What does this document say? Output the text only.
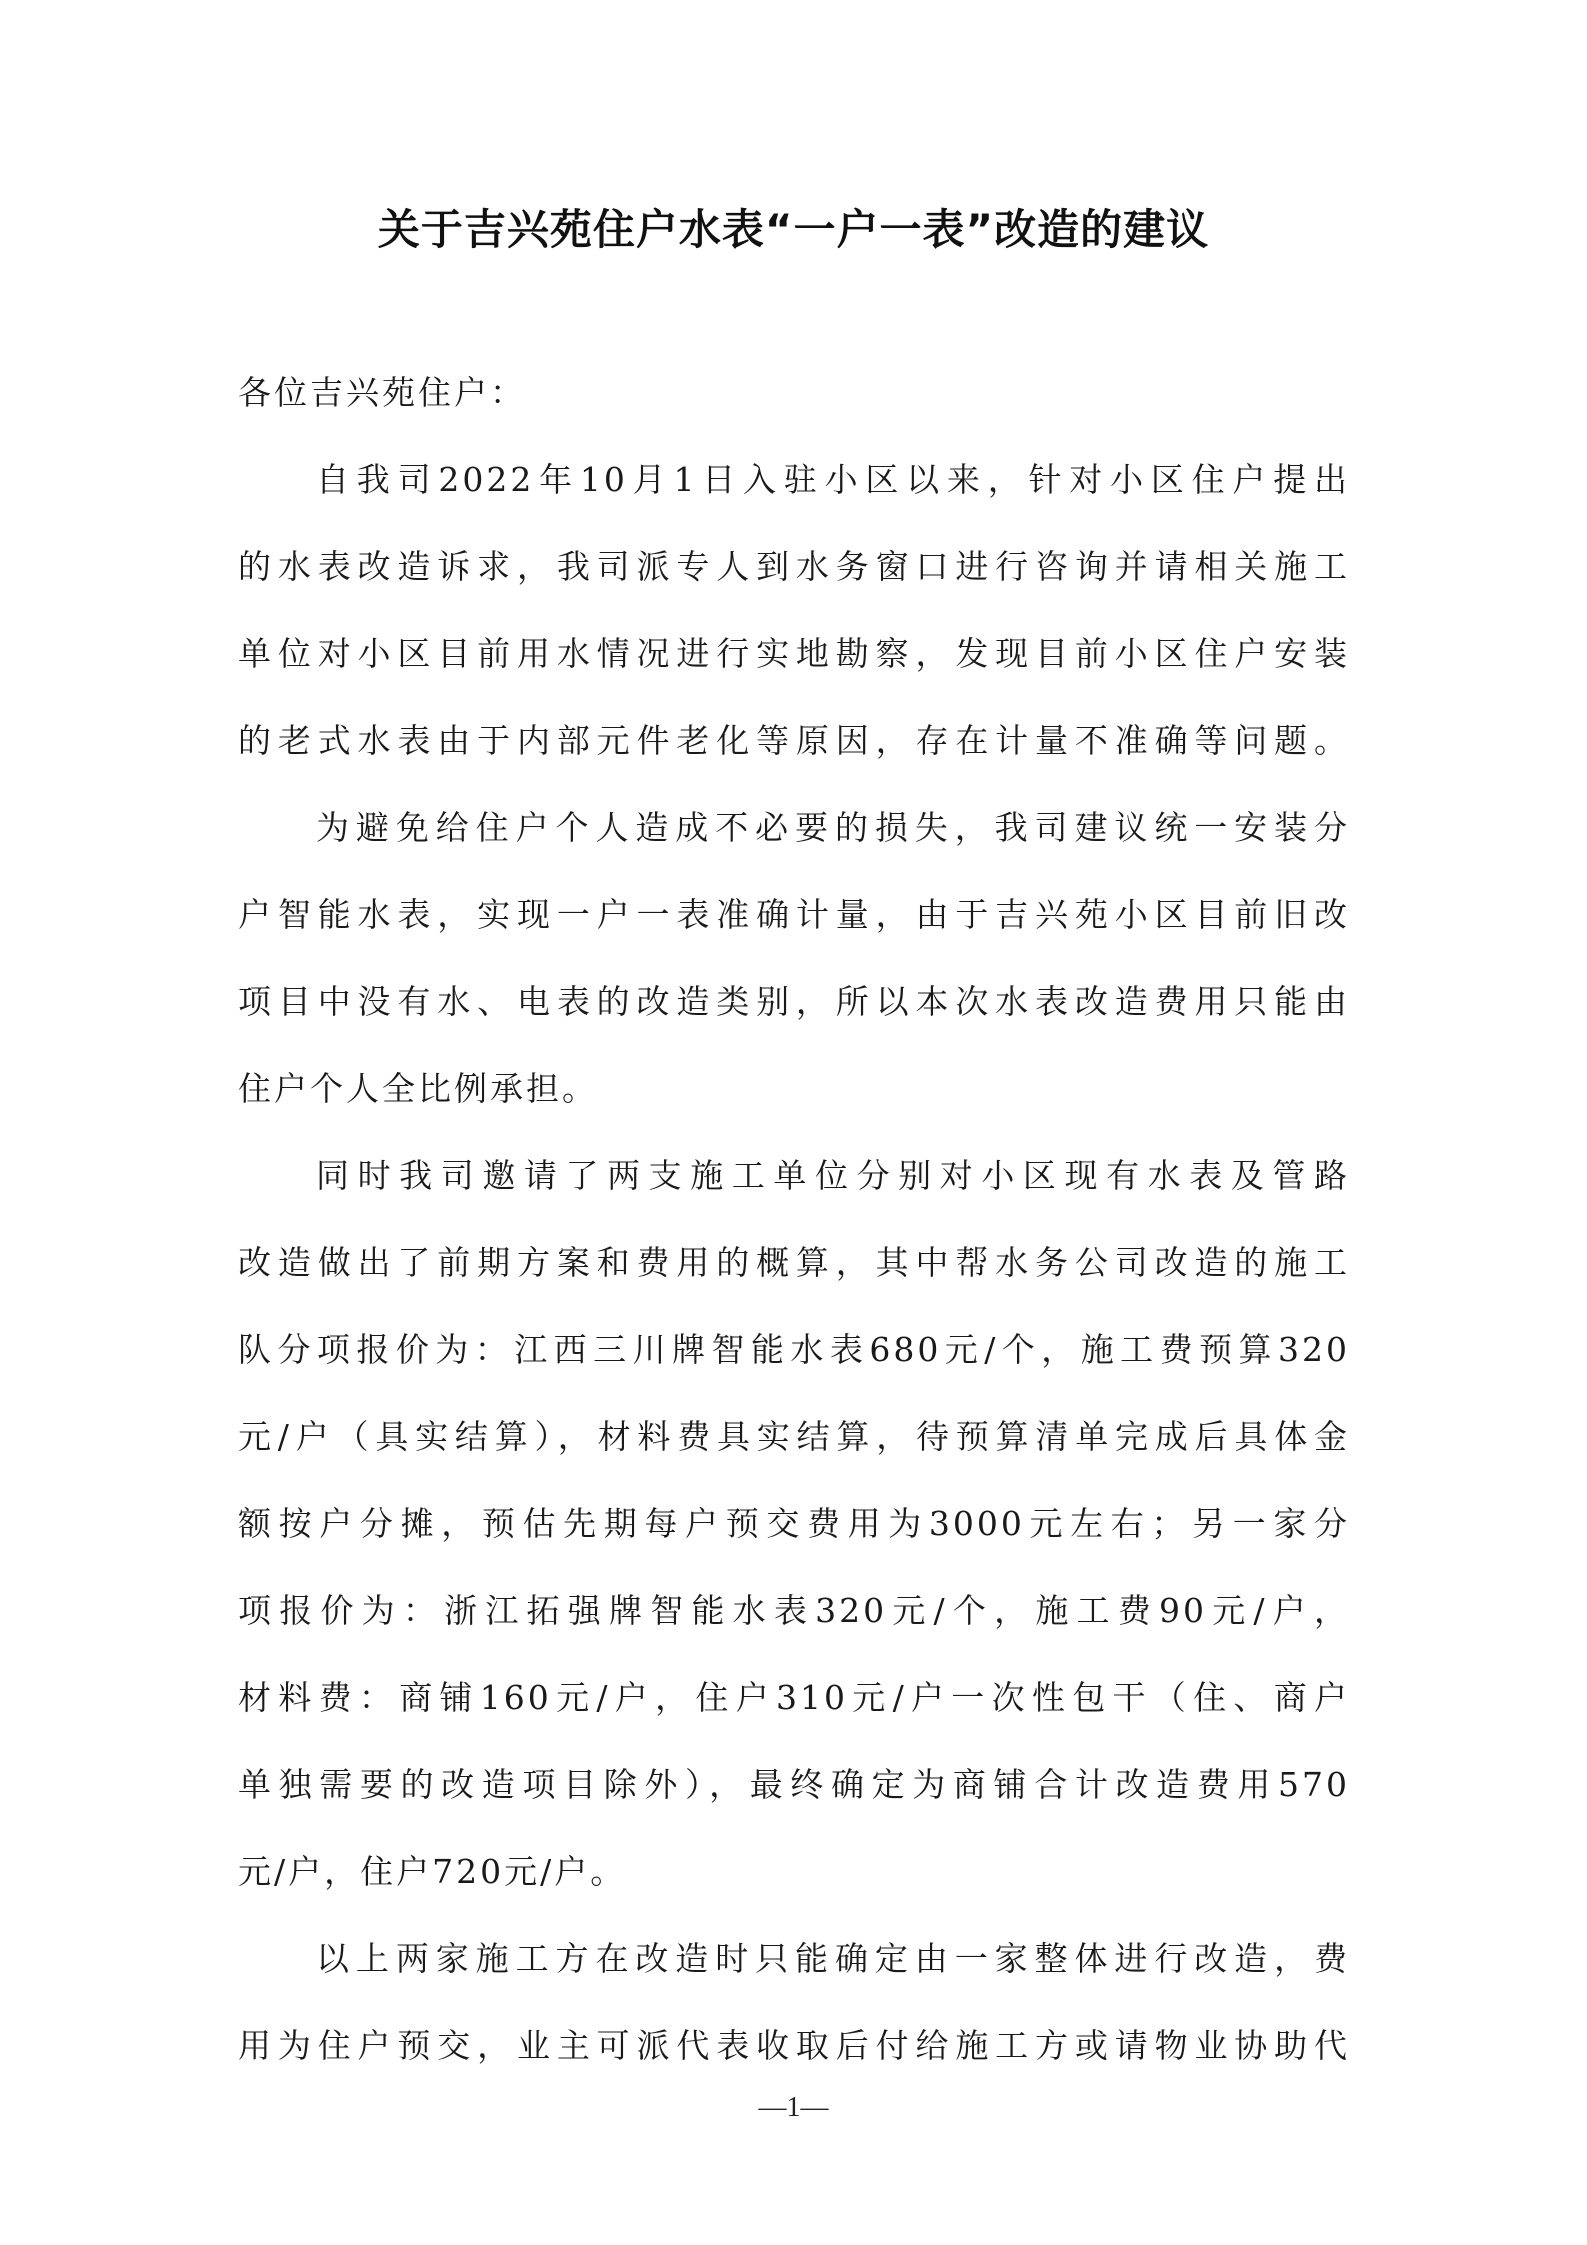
关于吉兴苑住户水表“一户一表”改造的建议
各位吉兴苑住户：
自我司2022年10月1日入驻小区以来，针对小区住户提出
的水表改造诉求，我司派专人到水务窗口进行咨询并请相关施工
单位对小区目前用水情况进行实地勘察，发现目前小区住户安装
的老式水表由于内部元件老化等原因，存在计量不准确等问题。
为避免给住户个人造成不必要的损失，我司建议统一安装分
户智能水表，实现一户一表准确计量，由于吉兴苑小区目前旧改
项目中没有水、电表的改造类别，所以本次水表改造费用只能由
住户个人全比例承担。
同时我司邀请了两支施工单位分别对小区现有水表及管路
改造做出了前期方案和费用的概算，其中帮水务公司改造的施工
队分项报价为：江西三川牌智能水表680元/个，施工费预算320
元/户（具实结算），材料费具实结算，待预算清单完成后具体金
额按户分摊，预估先期每户预交费用为3000元左右；另一家分
项报价为：浙江拓强牌智能水表320元/个，施工费90元/户，
材料费：商铺160元/户，住户310元/户一次性包干（住、商户
单独需要的改造项目除外），最终确定为商铺合计改造费用570
元/户，住户720元/户。
以上两家施工方在改造时只能确定由一家整体进行改造，费
用为住户预交，业主可派代表收取后付给施工方或请物业协助代
—1—
